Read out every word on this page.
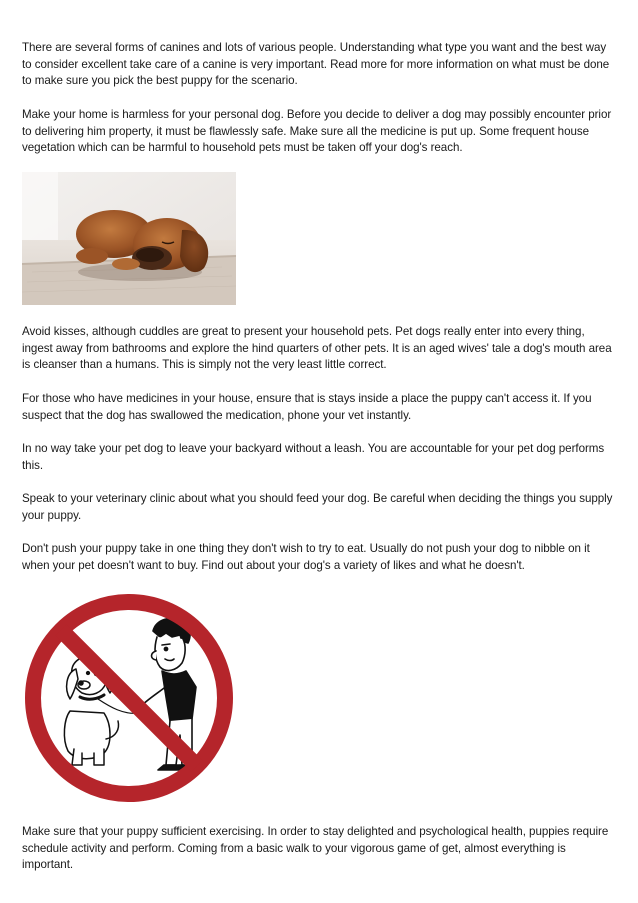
There are several forms of canines and lots of various people. Understanding what type you want and the best way to consider excellent take care of a canine is very important. Read more for more information on what must be done to make sure you pick the best puppy for the scenario.

Make your home is harmless for your personal dog. Before you decide to deliver a dog may possibly encounter prior to delivering him property, it must be flawlessly safe. Make sure all the medicine is put up. Some frequent house vegetation which can be harmful to household pets must be taken off your dog's reach.

Avoid kisses, although cuddles are great to present your household pets. Pet dogs really enter into every thing, ingest away from bathrooms and explore the hind quarters of other pets. It is an aged wives' tale a dog's mouth area is cleanser than a humans. This is simply not the very least little correct.

For those who have medicines in your house, ensure that is stays inside a place the puppy can't access it. If you suspect that the dog has swallowed the medication, phone your vet instantly.

In no way take your pet dog to leave your backyard without a leash. You are accountable for your pet dog performs this.

Speak to your veterinary clinic about what you should feed your dog. Be careful when deciding the things you supply your puppy.

Don't push your puppy take in one thing they don't wish to try to eat. Usually do not push your dog to nibble on it when your pet doesn't want to buy. Find out about your dog's a variety of likes and what he doesn't.

Make sure that your puppy sufficient exercising. In order to stay delighted and psychological health, puppies require schedule activity and perform. Coming from a basic walk to your vigorous game of get, almost everything is important.
